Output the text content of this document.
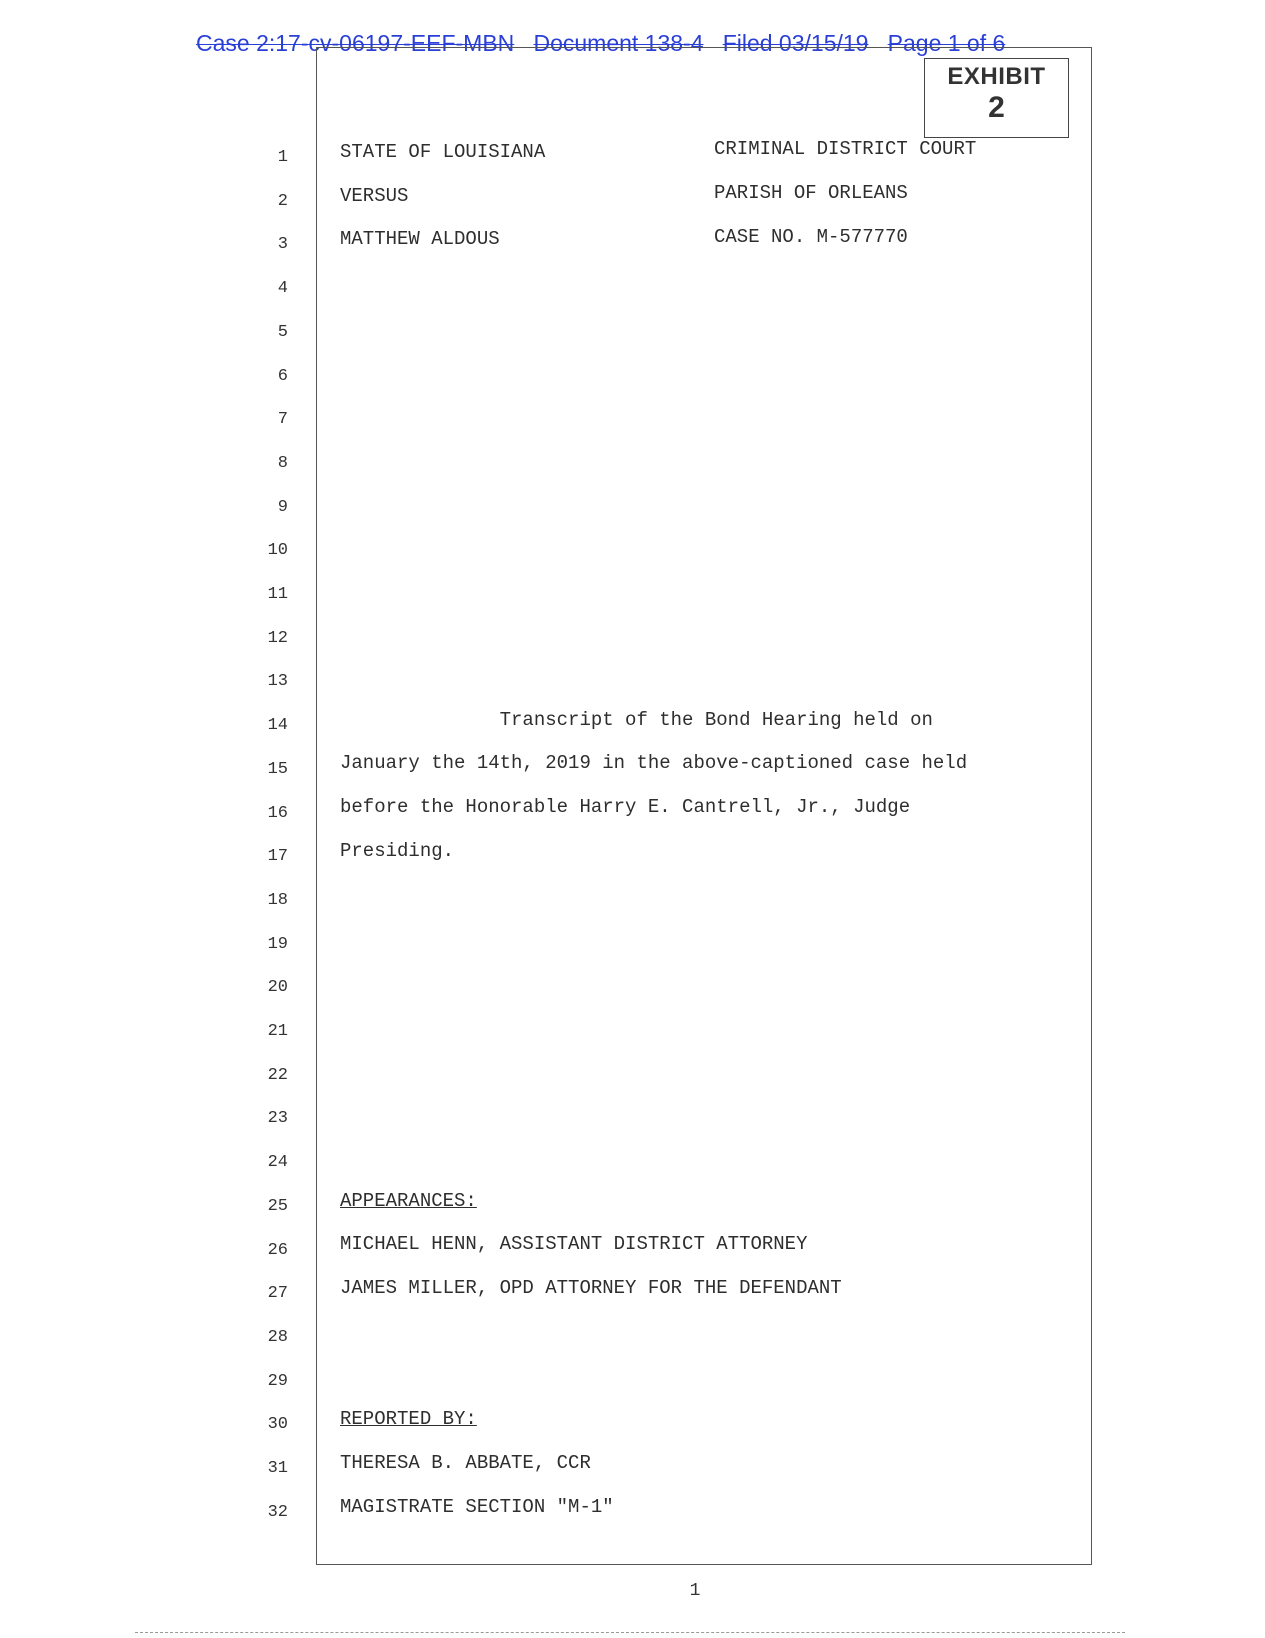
Case 2:17-cv-06197-EEF-MBN Document 138-4 Filed 03/15/19 Page 1 of 6
EXHIBIT
2
1
2
3
4
5
6
7
8
9
10
11
12
13
14
15
16
17
18
19
20
21
22
23
24
25
26
27
28
29
30
31
32
STATE OF LOUISIANA
VERSUS
MATTHEW ALDOUS
CRIMINAL DISTRICT COURT
PARISH OF ORLEANS
CASE NO. M-577770
Transcript of the Bond Hearing held on
January the 14th, 2019 in the above-captioned case held
before the Honorable Harry E. Cantrell, Jr., Judge
Presiding.
APPEARANCES:
MICHAEL HENN, ASSISTANT DISTRICT ATTORNEY
JAMES MILLER, OPD ATTORNEY FOR THE DEFENDANT
REPORTED BY:
THERESA B. ABBATE, CCR
MAGISTRATE SECTION "M-1"
1
